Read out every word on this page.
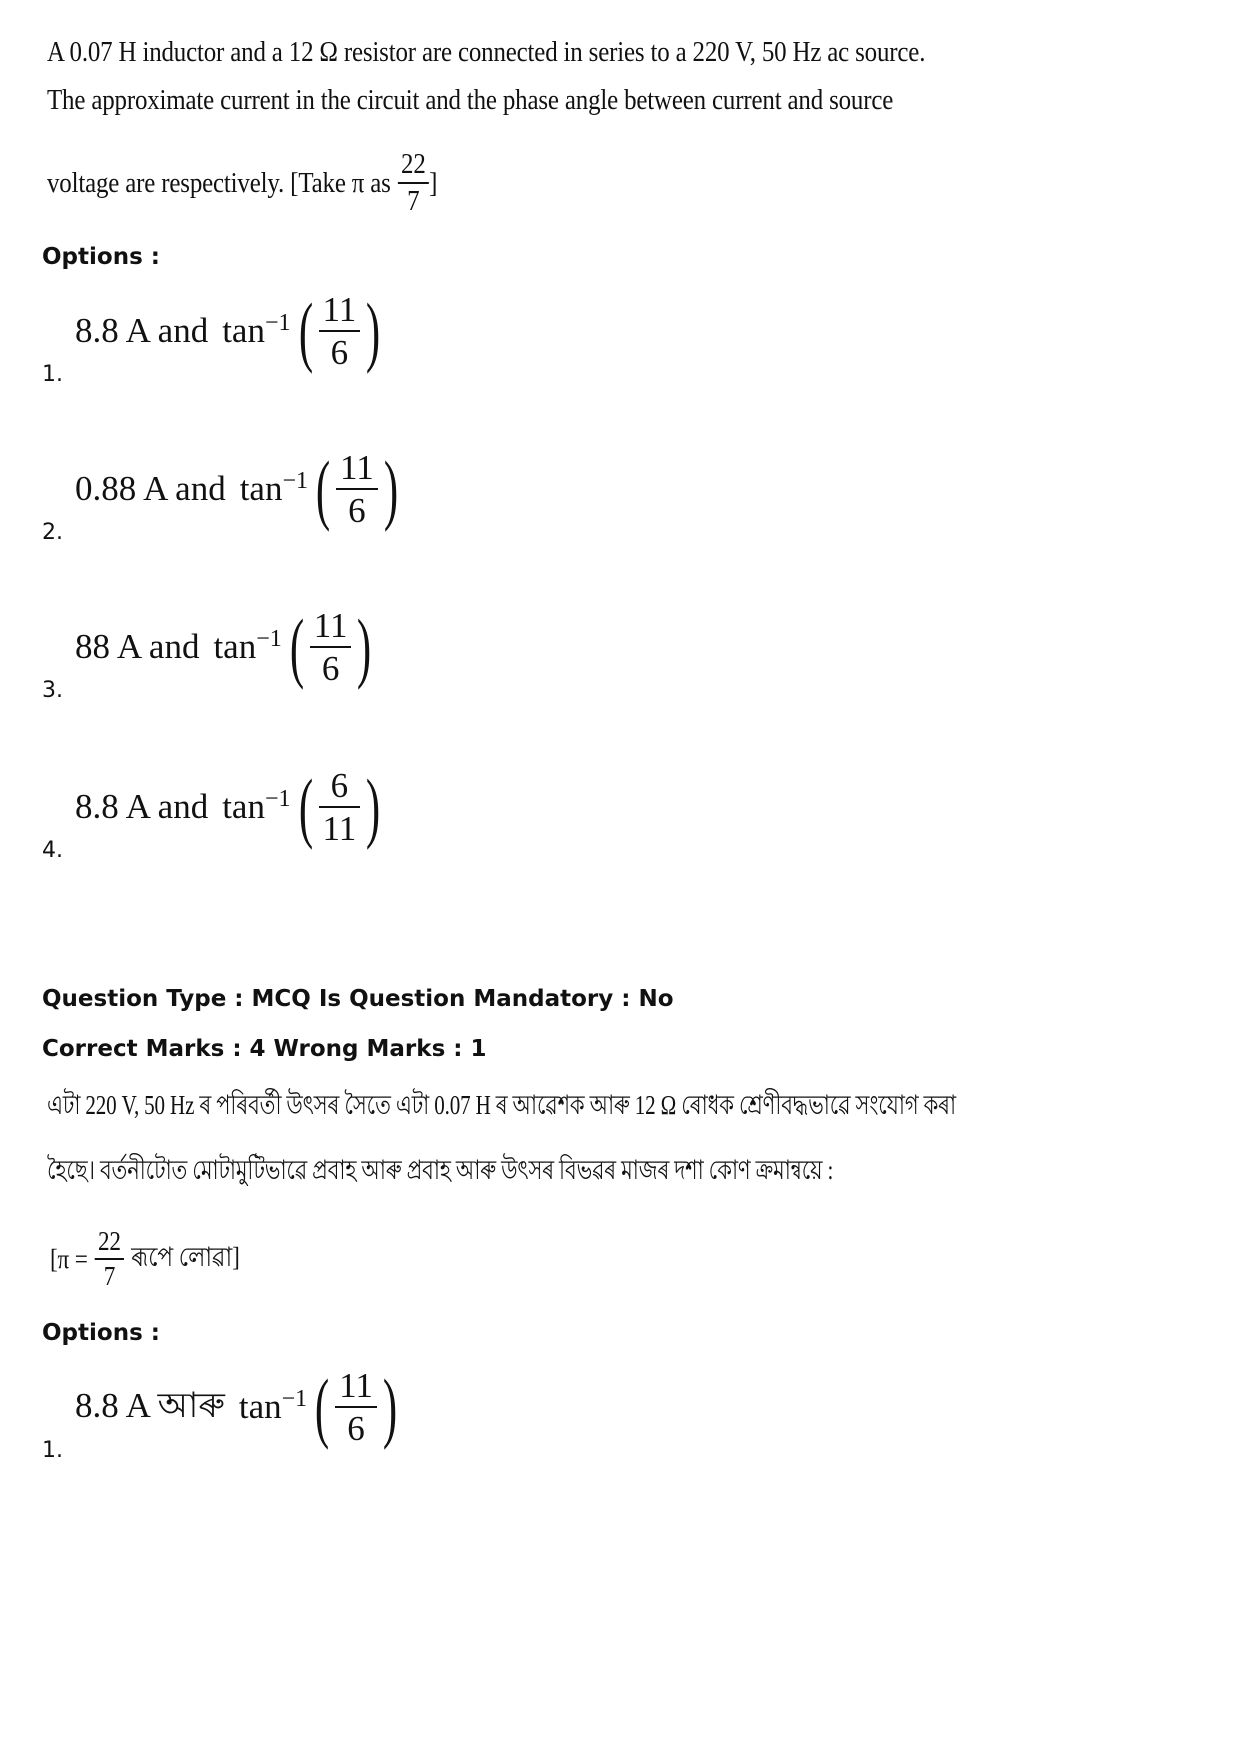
A 0.07 H inductor and a 12 Ω resistor are connected in series to a 220 V, 50 Hz ac source.
The approximate current in the circuit and the phase angle between current and source
voltage are respectively. [Take π as $\frac{22}{7}$ ]
Options :
8.8 A and tan −1 ( $\frac{11}{6}$ )
1.
0.88 A and tan −1 ( $\frac{11}{6}$ )
2.
88 A and tan −1 ( $\frac{11}{6}$ )
3.
8.8 A and tan −1 ( $\frac{6}{11}$ )
4.
Question Type : MCQ Is Question Mandatory : No
Correct Marks : 4 Wrong Marks : 1
এটা 220 V, 50 Hz ৰ পৰিবৰ্তী উৎসৰ সৈতে এটা 0.07 H ৰ আৱেশক আৰু 12 Ω ৰোধক শ্ৰেণীবদ্ধভাৱে সংযোগ কৰা
হৈছে। বৰ্তনীটোত মোটামুটিভাৱে প্ৰবাহ আৰু প্ৰবাহ আৰু উৎসৰ বিভৱৰ মাজৰ দশা কোণ ক্ৰমান্বয়ে :
[$\pi = \frac{22}{7}$ ৰূপে লোৱা]
Options :
8.8 A আৰু tan −1 ( $\frac{11}{6}$ )
1.
